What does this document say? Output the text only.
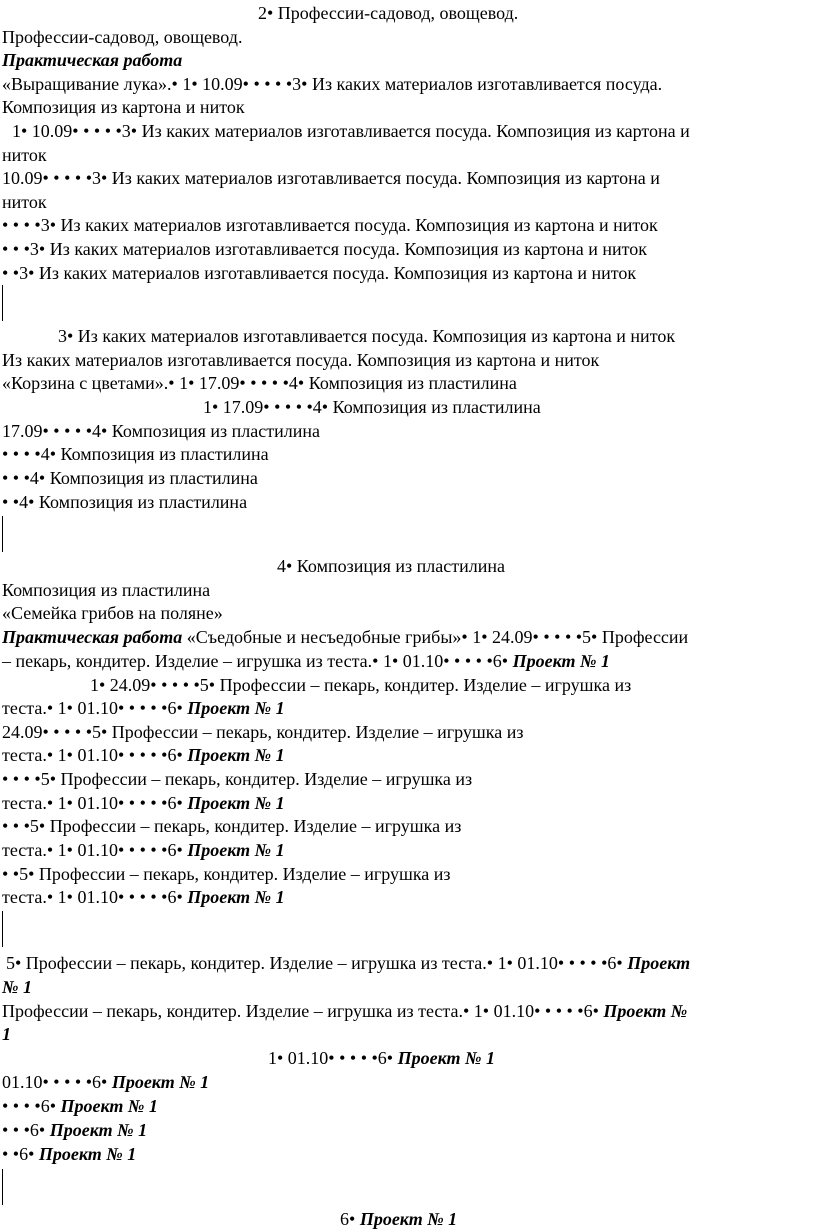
2• Профессии-садовод, овощевод.
Профессии-садовод, овощевод.
Практическая работа
«Выращивание лука».• 1• 10.09• • • • •3• Из каких материалов изготавливается посуда.
Композиция из картона и ниток
1• 10.09• • • • •3• Из каких материалов изготавливается посуда. Композиция из картона и
ниток
10.09• • • • •3• Из каких материалов изготавливается посуда. Композиция из картона и
ниток
• • • •3• Из каких материалов изготавливается посуда. Композиция из картона и ниток
• • •3• Из каких материалов изготавливается посуда. Композиция из картона и ниток
• •3• Из каких материалов изготавливается посуда. Композиция из картона и ниток
3• Из каких материалов изготавливается посуда. Композиция из картона и ниток
Из каких материалов изготавливается посуда. Композиция из картона и ниток
«Корзина с цветами».• 1• 17.09• • • • •4• Композиция из пластилина
1• 17.09• • • • •4• Композиция из пластилина
17.09• • • • •4• Композиция из пластилина
• • • •4• Композиция из пластилина
• • •4• Композиция из пластилина
• •4• Композиция из пластилина
4• Композиция из пластилина
Композиция из пластилина
«Семейка грибов на поляне»
Практическая работа «Съедобные и несъедобные грибы»• 1• 24.09• • • • •5• Профессии
– пекарь, кондитер. Изделие – игрушка из теста.• 1• 01.10• • • • •6• Проект № 1
1• 24.09• • • • •5• Профессии – пекарь, кондитер. Изделие – игрушка из
теста.• 1• 01.10• • • • •6• Проект № 1
24.09• • • • •5• Профессии – пекарь, кондитер. Изделие – игрушка из
теста.• 1• 01.10• • • • •6• Проект № 1
• • • •5• Профессии – пекарь, кондитер. Изделие – игрушка из
теста.• 1• 01.10• • • • •6• Проект № 1
• • •5• Профессии – пекарь, кондитер. Изделие – игрушка из
теста.• 1• 01.10• • • • •6• Проект № 1
• •5• Профессии – пекарь, кондитер. Изделие – игрушка из
теста.• 1• 01.10• • • • •6• Проект № 1
5• Профессии – пекарь, кондитер. Изделие – игрушка из теста.• 1• 01.10• • • • •6• Проект
№ 1
Профессии – пекарь, кондитер. Изделие – игрушка из теста.• 1• 01.10• • • • •6• Проект №
1
1• 01.10• • • • •6• Проект № 1
01.10• • • • •6• Проект № 1
• • • •6• Проект № 1
• • •6• Проект № 1
• •6• Проект № 1
6• Проект № 1
